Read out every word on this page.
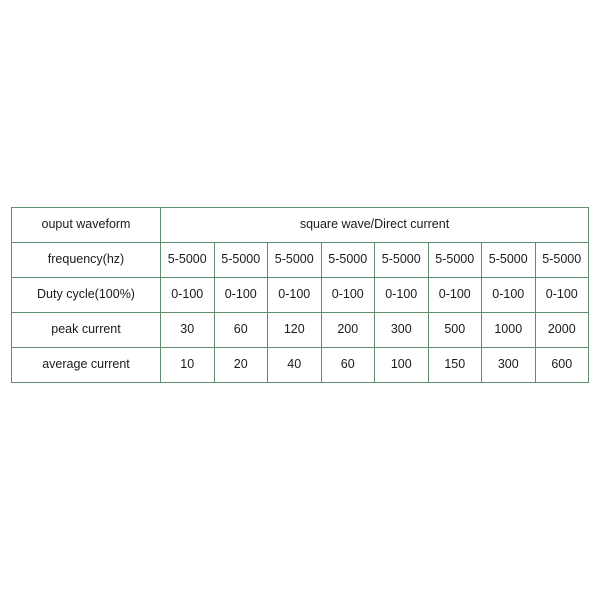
ouput waveform	square wave/Direct current							
frequency(hz)	5-5000	5-5000	5-5000	5-5000	5-5000	5-5000	5-5000	5-5000
Duty cycle(100%)	0-100	0-100	0-100	0-100	0-100	0-100	0-100	0-100
peak current	30	60	120	200	300	500	1000	2000
average current	10	20	40	60	100	150	300	600
